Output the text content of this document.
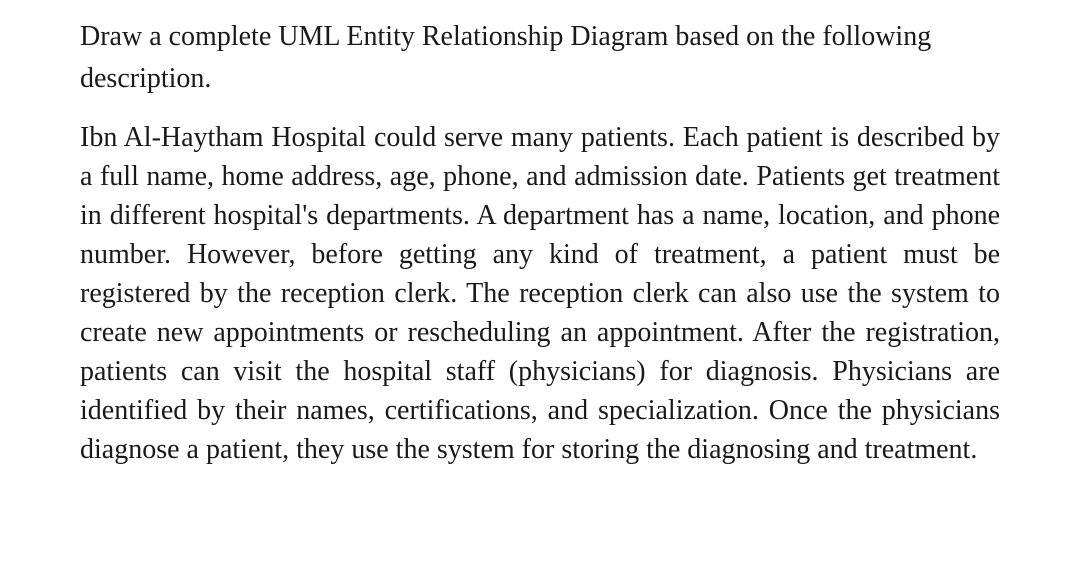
Draw a complete UML Entity Relationship Diagram based on the following description.

Ibn Al-Haytham Hospital could serve many patients. Each patient is described by a full name, home address, age, phone, and admission date. Patients get treatment in different hospital's departments. A department has a name, location, and phone number. However, before getting any kind of treatment, a patient must be registered by the reception clerk. The reception clerk can also use the system to create new appointments or rescheduling an appointment. After the registration, patients can visit the hospital staff (physicians) for diagnosis. Physicians are identified by their names, certifications, and specialization. Once the physicians diagnose a patient, they use the system for storing the diagnosing and treatment.
